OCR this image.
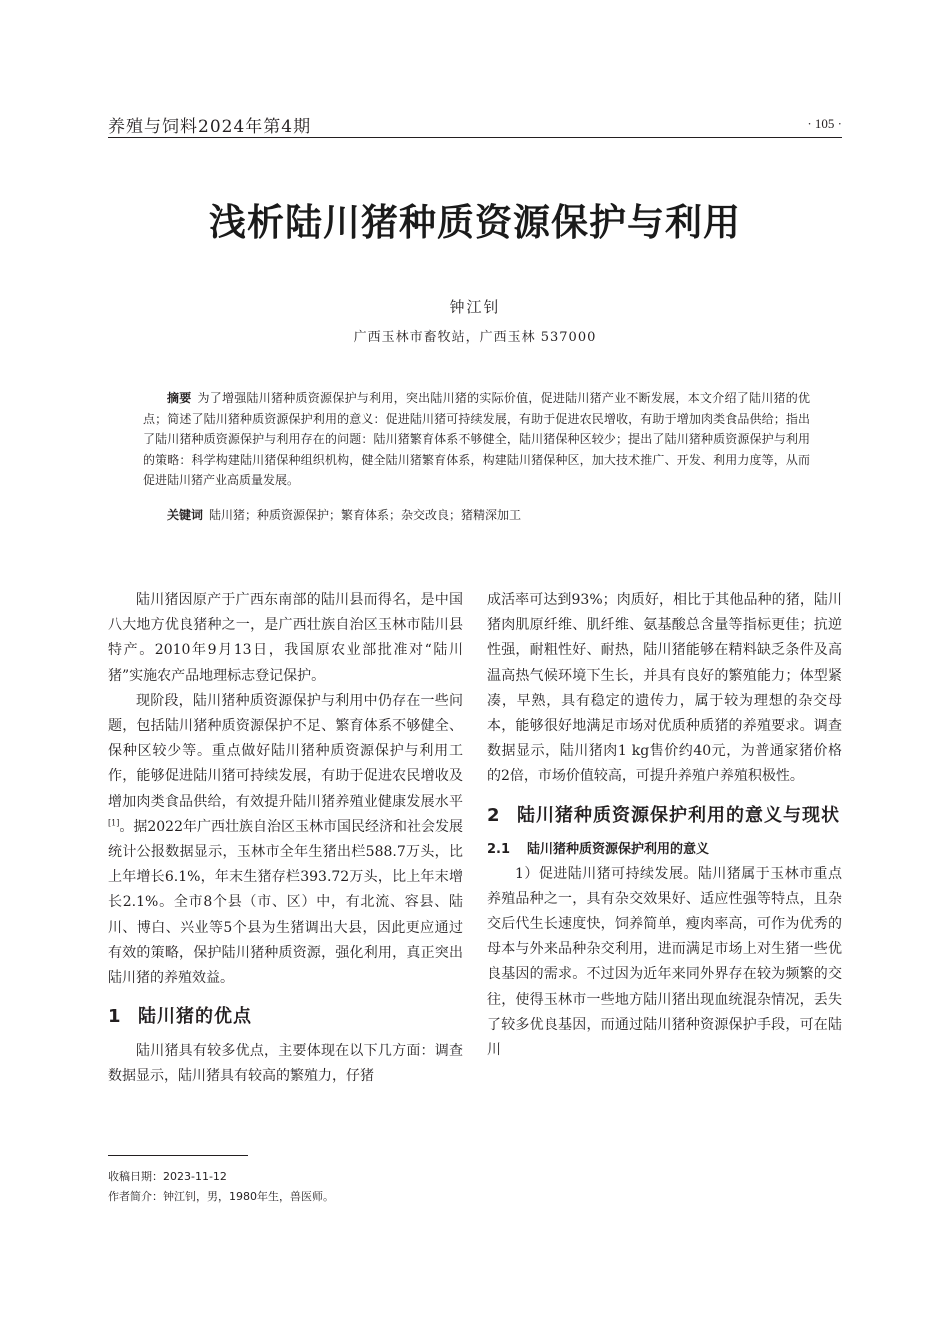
养殖与饲料2024年第4期	· 105 ·
浅析陆川猪种质资源保护与利用
钟江钊
广西玉林市畜牧站，广西玉林 537000
摘要 为了增强陆川猪种质资源保护与利用，突出陆川猪的实际价值，促进陆川猪产业不断发展，本文介绍了陆川猪的优点；简述了陆川猪种质资源保护利用的意义：促进陆川猪可持续发展，有助于促进农民增收，有助于增加肉类食品供给；指出了陆川猪种质资源保护与利用存在的问题：陆川猪繁育体系不够健全，陆川猪保种区较少；提出了陆川猪种质资源保护与利用的策略：科学构建陆川猪保种组织机构，健全陆川猪繁育体系，构建陆川猪保种区，加大技术推广、开发、利用力度等，从而促进陆川猪产业高质量发展。
关键词 陆川猪；种质资源保护；繁育体系；杂交改良；猪精深加工

陆川猪因原产于广西东南部的陆川县而得名，是中国八大地方优良猪种之一，是广西壮族自治区玉林市陆川县特产。2010年9月13日，我国原农业部批准对“陆川猪”实施农产品地理标志登记保护。

现阶段，陆川猪种质资源保护与利用中仍存在一些问题，包括陆川猪种质资源保护不足、繁育体系不够健全、保种区较少等。重点做好陆川猪种质资源保护与利用工作，能够促进陆川猪可持续发展，有助于促进农民增收及增加肉类食品供给，有效提升陆川猪养殖业健康发展水平[1]。据2022年广西壮族自治区玉林市国民经济和社会发展统计公报数据显示，玉林市全年生猪出栏588.7万头，比上年增长6.1%，年末生猪存栏393.72万头，比上年末增长2.1%。全市8个县（市、区）中，有北流、容县、陆川、博白、兴业等5个县为生猪调出大县，因此更应通过有效的策略，保护陆川猪种质资源，强化利用，真正突出陆川猪的养殖效益。

1 陆川猪的优点

陆川猪具有较多优点，主要体现在以下几方面：调查数据显示，陆川猪具有较高的繁殖力，仔猪

成活率可达到93%；肉质好，相比于其他品种的猪，陆川猪肉肌原纤维、肌纤维、氨基酸总含量等指标更佳；抗逆性强，耐粗性好、耐热，陆川猪能够在精料缺乏条件及高温高热气候环境下生长，并具有良好的繁殖能力；体型紧凑，早熟，具有稳定的遗传力，属于较为理想的杂交母本，能够很好地满足市场对优质种质猪的养殖要求。调查数据显示，陆川猪肉1 kg售价约40元，为普通家猪价格的2倍，市场价值较高，可提升养殖户养殖积极性。

2 陆川猪种质资源保护利用的意义与现状
2.1 陆川猪种质资源保护利用的意义

1）促进陆川猪可持续发展。陆川猪属于玉林市重点养殖品种之一，具有杂交效果好、适应性强等特点，且杂交后代生长速度快，饲养简单，瘦肉率高，可作为优秀的母本与外来品种杂交利用，进而满足市场上对生猪一些优良基因的需求。不过因为近年来同外界存在较为频繁的交往，使得玉林市一些地方陆川猪出现血统混杂情况，丢失了较多优良基因，而通过陆川猪种资源保护手段，可在陆川

收稿日期：2023-11-12
作者简介：钟江钊，男，1980年生，兽医师。
